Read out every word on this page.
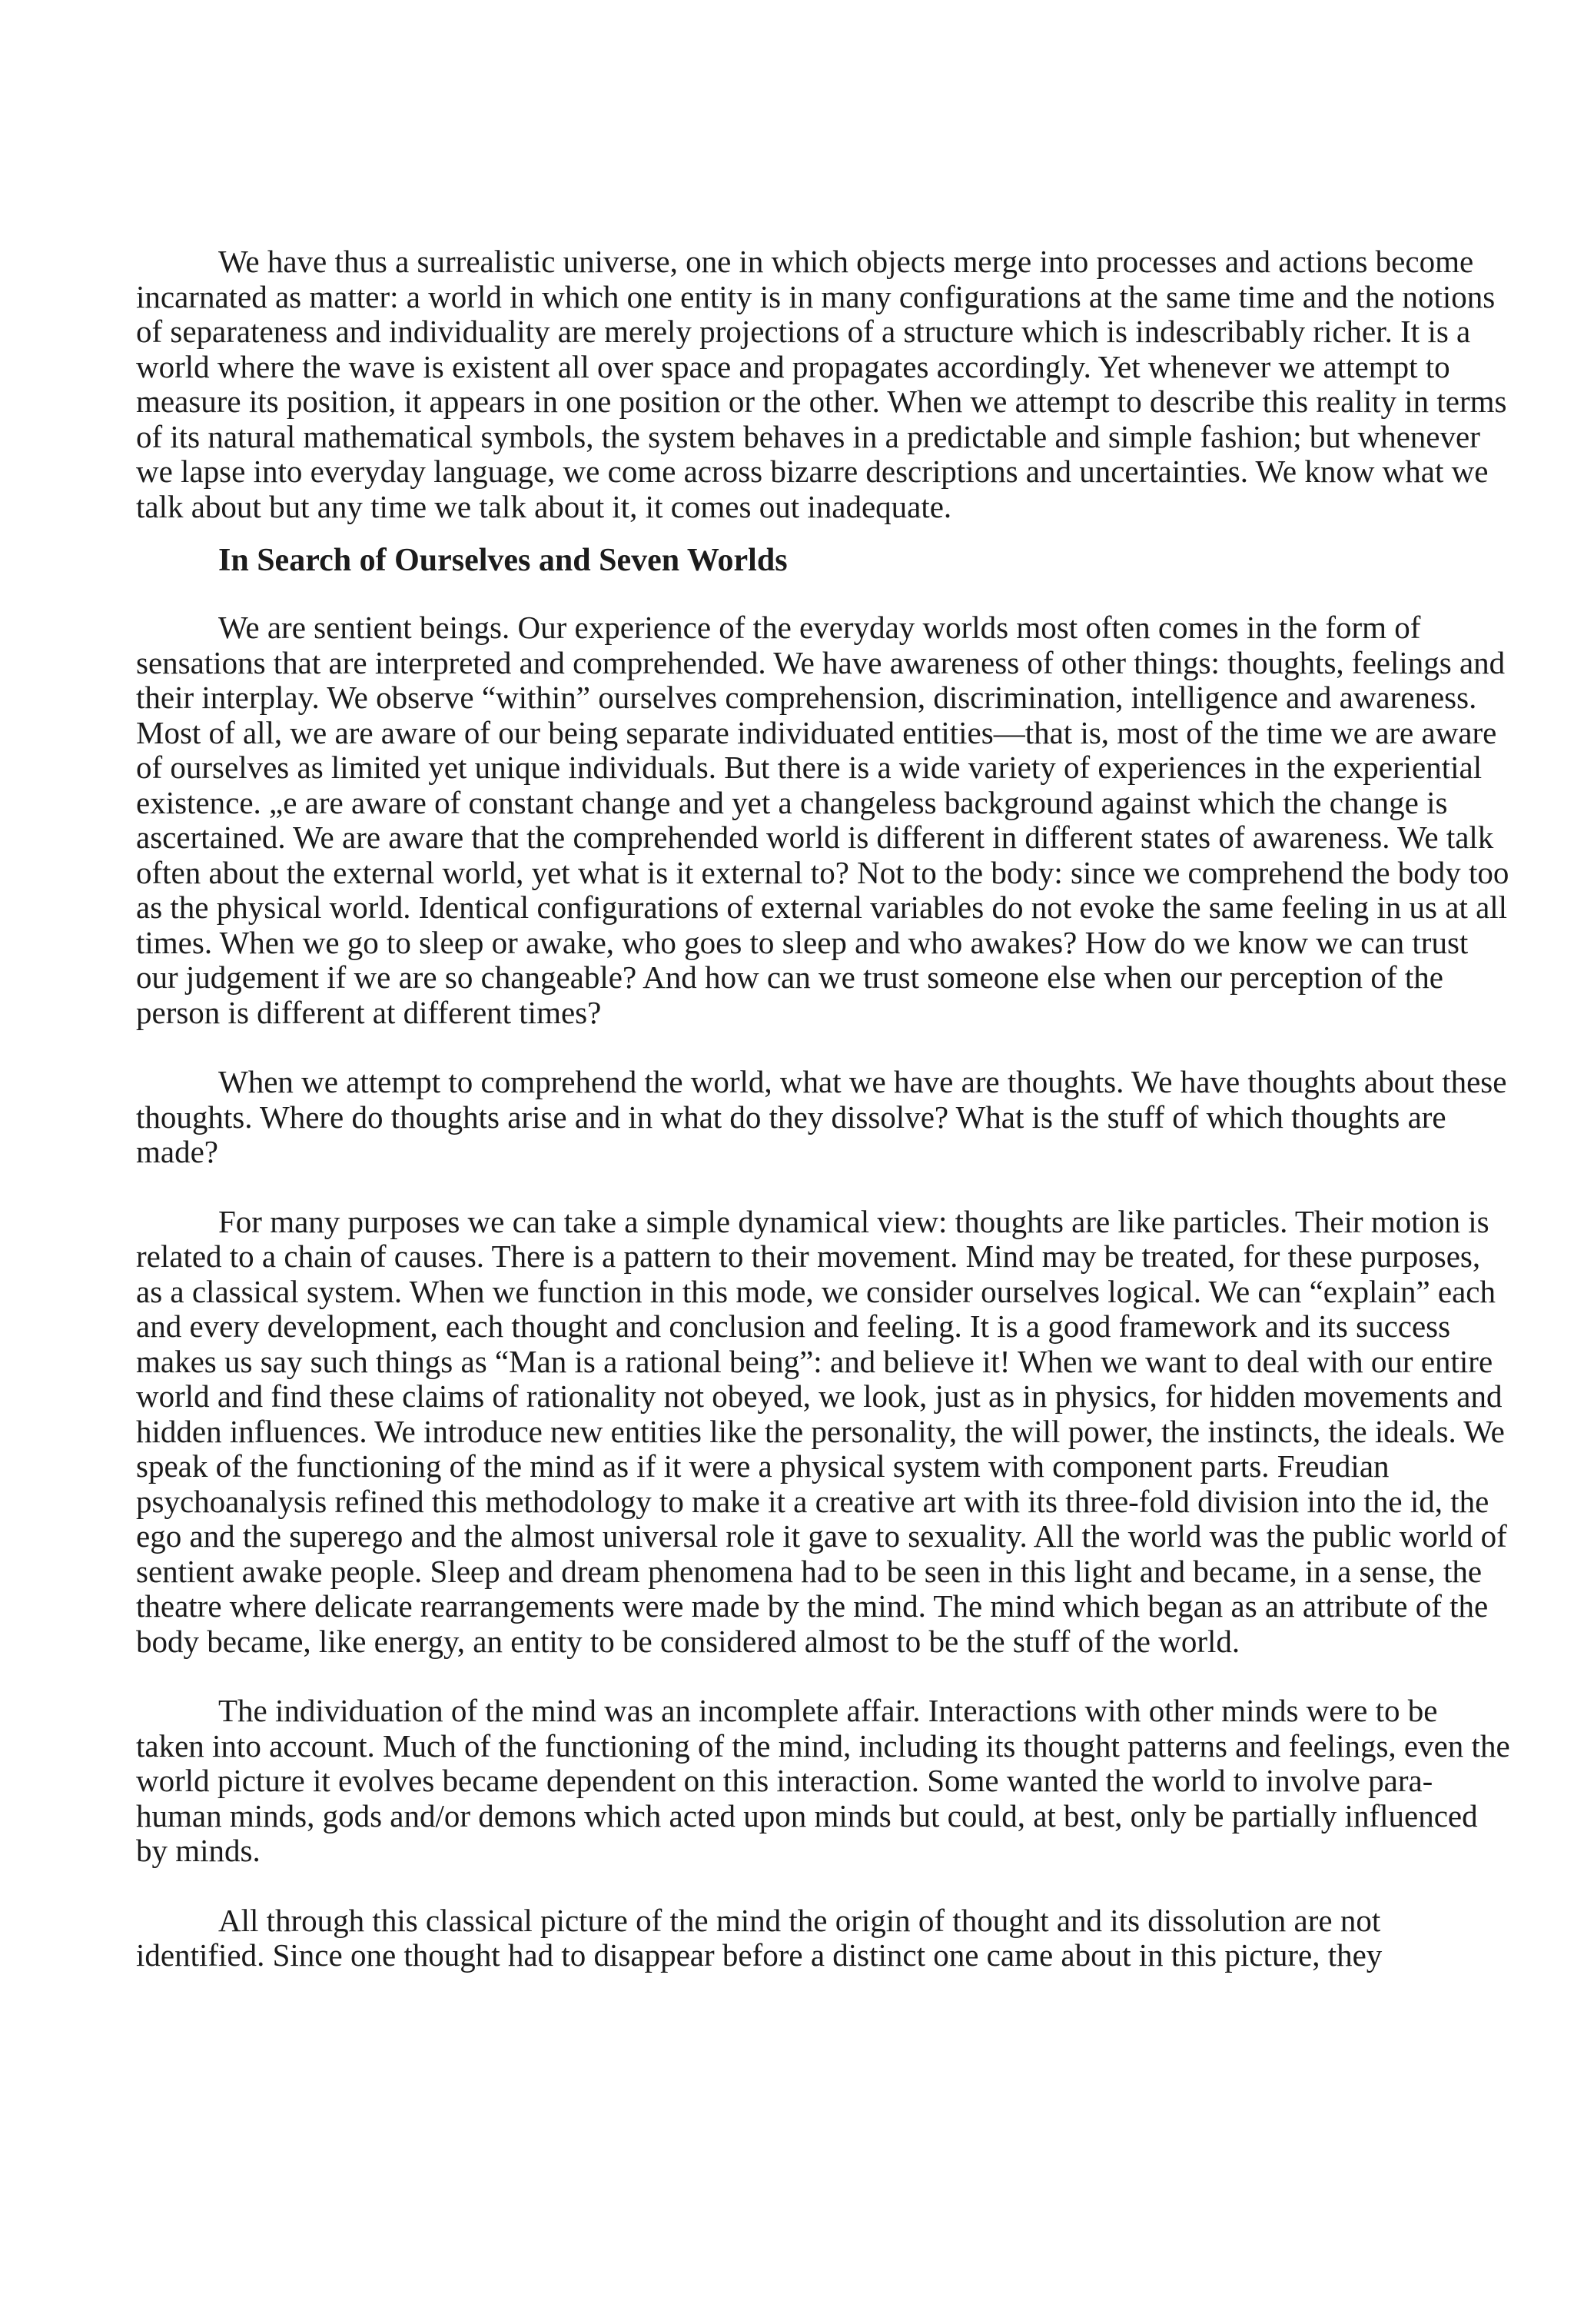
We have thus a surrealistic universe, one in which objects merge into processes and actions become incarnated as matter: a world in which one entity is in many configurations at the same time and the notions of separateness and individuality are merely projections of a structure which is indescribably richer. It is a world where the wave is existent all over space and propagates accordingly. Yet whenever we attempt to measure its position, it appears in one position or the other. When we attempt to describe this reality in terms of its natural mathematical symbols, the system behaves in a predictable and simple fashion; but whenever we lapse into everyday language, we come across bizarre descriptions and uncertainties. We know what we talk about but any time we talk about it, it comes out inadequate.

In Search of Ourselves and Seven Worlds

We are sentient beings. Our experience of the everyday worlds most often comes in the form of sensations that are interpreted and comprehended. We have awareness of other things: thoughts, feelings and their interplay. We observe “within” ourselves comprehension, discrimination, intelligence and awareness. Most of all, we are aware of our being separate individuated entities—that is, most of the time we are aware of ourselves as limited yet unique individuals. But there is a wide variety of experiences in the experiential existence. „e are aware of constant change and yet a changeless background against which the change is ascertained. We are aware that the comprehended world is different in different states of awareness. We talk often about the external world, yet what is it external to? Not to the body: since we comprehend the body too as the physical world. Identical configurations of external variables do not evoke the same feeling in us at all times. When we go to sleep or awake, who goes to sleep and who awakes? How do we know we can trust our judgement if we are so changeable? And how can we trust someone else when our perception of the person is different at different times?

When we attempt to comprehend the world, what we have are thoughts. We have thoughts about these thoughts. Where do thoughts arise and in what do they dissolve? What is the stuff of which thoughts are made?

For many purposes we can take a simple dynamical view: thoughts are like particles. Their motion is related to a chain of causes. There is a pattern to their movement. Mind may be treated, for these purposes, as a classical system. When we function in this mode, we consider ourselves logical. We can “explain” each and every development, each thought and conclusion and feeling. It is a good framework and its success makes us say such things as “Man is a rational being”: and believe it! When we want to deal with our entire world and find these claims of rationality not obeyed, we look, just as in physics, for hidden movements and hidden influences. We introduce new entities like the personality, the will power, the instincts, the ideals. We speak of the functioning of the mind as if it were a physical system with component parts. Freudian psychoanalysis refined this methodology to make it a creative art with its three-fold division into the id, the ego and the superego and the almost universal role it gave to sexuality. All the world was the public world of sentient awake people. Sleep and dream phenomena had to be seen in this light and became, in a sense, the theatre where delicate rearrangements were made by the mind. The mind which began as an attribute of the body became, like energy, an entity to be considered almost to be the stuff of the world.

The individuation of the mind was an incomplete affair. Interactions with other minds were to be taken into account. Much of the functioning of the mind, including its thought patterns and feelings, even the world picture it evolves became dependent on this interaction. Some wanted the world to involve para-human minds, gods and/or demons which acted upon minds but could, at best, only be partially influenced by minds.

All through this classical picture of the mind the origin of thought and its dissolution are not identified. Since one thought had to disappear before a distinct one came about in this picture, they
